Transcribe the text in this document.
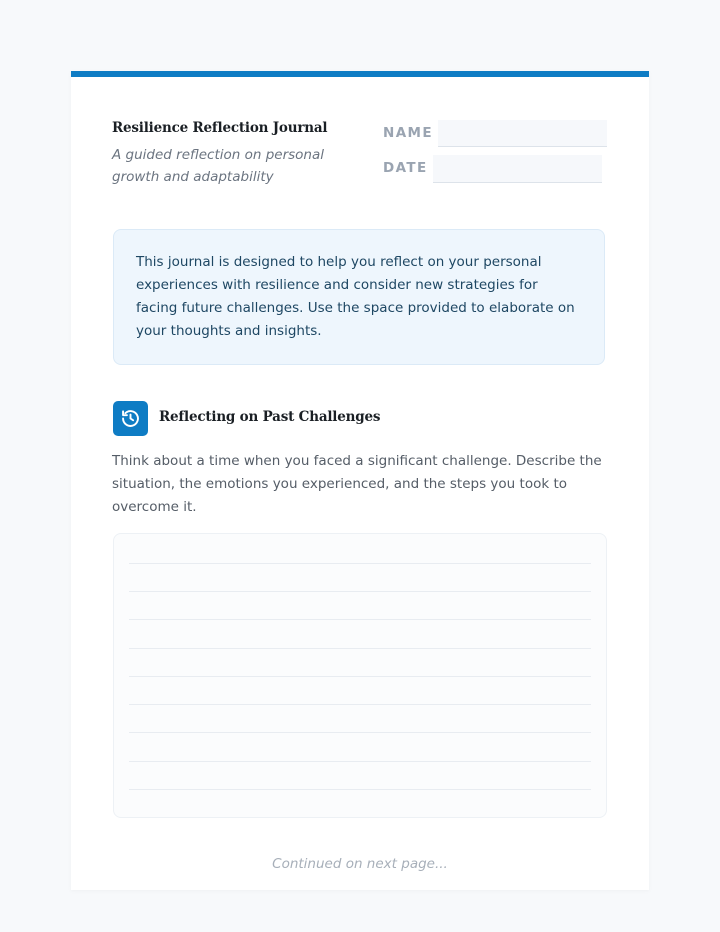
Resilience Reflection Journal
A guided reflection on personal growth and adaptability
NAME
DATE
This journal is designed to help you reflect on your personal experiences with resilience and consider new strategies for facing future challenges. Use the space provided to elaborate on your thoughts and insights.
Reflecting on Past Challenges
Think about a time when you faced a significant challenge. Describe the situation, the emotions you experienced, and the steps you took to overcome it.
Continued on next page...
